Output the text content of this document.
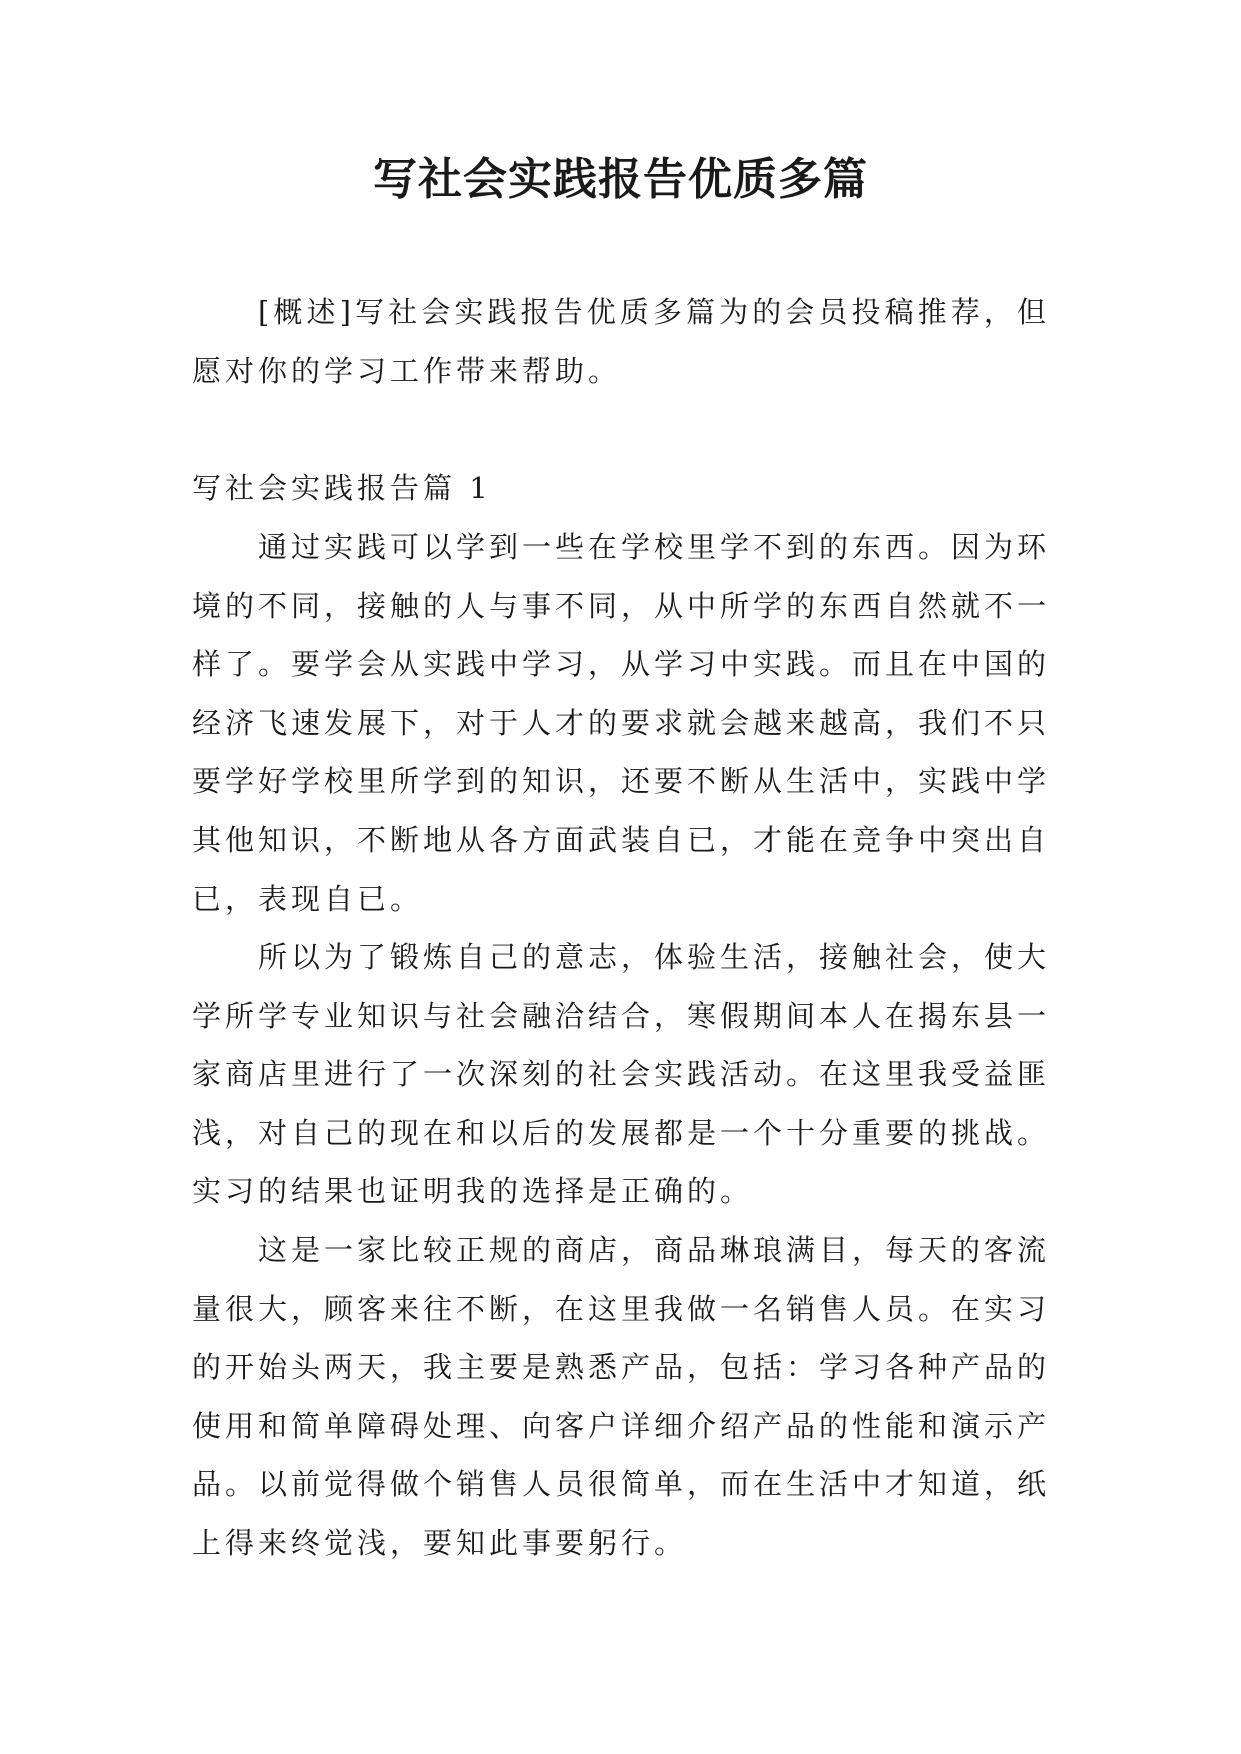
写社会实践报告优质多篇

[概述]写社会实践报告优质多篇为的会员投稿推荐，但愿对你的学习工作带来帮助。

写社会实践报告篇 1

通过实践可以学到一些在学校里学不到的东西。因为环境的不同，接触的人与事不同，从中所学的东西自然就不一样了。要学会从实践中学习，从学习中实践。而且在中国的经济飞速发展下，对于人才的要求就会越来越高，我们不只要学好学校里所学到的知识，还要不断从生活中，实践中学其他知识，不断地从各方面武装自已，才能在竞争中突出自已，表现自已。

所以为了锻炼自己的意志，体验生活，接触社会，使大学所学专业知识与社会融洽结合，寒假期间本人在揭东县一家商店里进行了一次深刻的社会实践活动。在这里我受益匪浅，对自己的现在和以后的发展都是一个十分重要的挑战。实习的结果也证明我的选择是正确的。

这是一家比较正规的商店，商品琳琅满目，每天的客流量很大，顾客来往不断，在这里我做一名销售人员。在实习的开始头两天，我主要是熟悉产品，包括：学习各种产品的使用和简单障碍处理、向客户详细介绍产品的性能和演示产品。以前觉得做个销售人员很简单，而在生活中才知道，纸上得来终觉浅，要知此事要躬行。
